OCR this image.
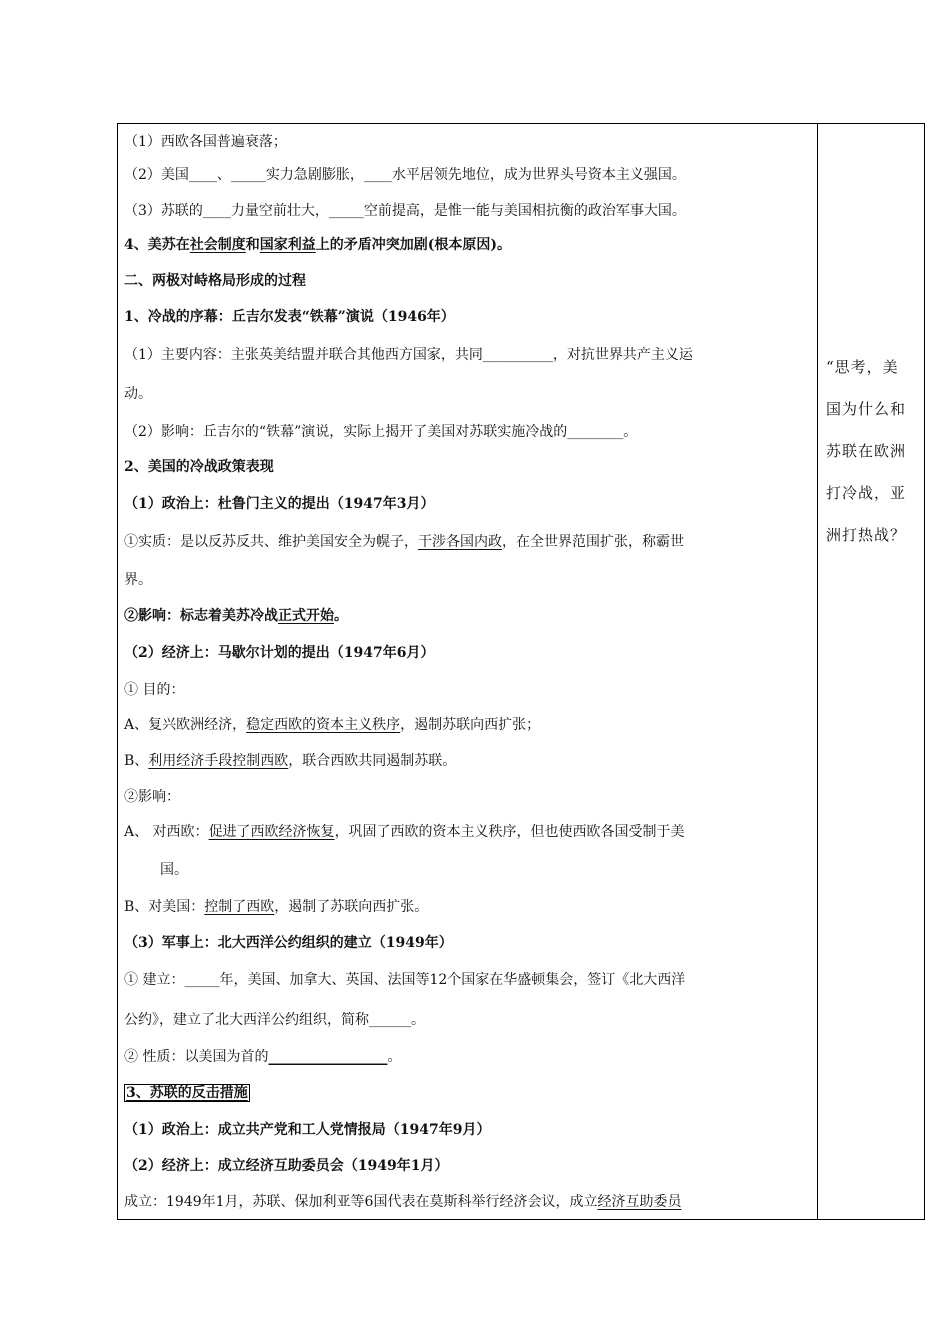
（1）西欧各国普遍衰落；
（2）美国____、_____实力急剧膨胀，____水平居领先地位，成为世界头号资本主义强国。
（3）苏联的____力量空前壮大，_____空前提高，是惟一能与美国相抗衡的政治军事大国。
4、美苏在社会制度和国家利益上的矛盾冲突加剧(根本原因)。
二、两极对峙格局形成的过程
1、冷战的序幕：丘吉尔发表“铁幕”演说（1946年）
（1）主要内容：主张英美结盟并联合其他西方国家，共同__________，对抗世界共产主义运
动。
（2）影响：丘吉尔的“铁幕”演说，实际上揭开了美国对苏联实施冷战的________。
2、美国的冷战政策表现
（1）政治上：杜鲁门主义的提出（1947年3月）
①实质：是以反苏反共、维护美国安全为幌子，干涉各国内政，在全世界范围扩张，称霸世
界。
②影响：标志着美苏冷战正式开始。
（2）经济上：马歇尔计划的提出（1947年6月）
① 目的：
A、复兴欧洲经济，稳定西欧的资本主义秩序，遏制苏联向西扩张；
B、利用经济手段控制西欧，联合西欧共同遏制苏联。
②影响：
A、 对西欧：促进了西欧经济恢复，巩固了西欧的资本主义秩序，但也使西欧各国受制于美
国。
B、对美国：控制了西欧，遏制了苏联向西扩张。
（3）军事上：北大西洋公约组织的建立（1949年）
① 建立：_____年，美国、加拿大、英国、法国等12个国家在华盛顿集会，签订《北大西洋
公约》，建立了北大西洋公约组织，简称______。
② 性质：以美国为首的_________________。
3、苏联的反击措施
（1）政治上：成立共产党和工人党情报局（1947年9月）
（2）经济上：成立经济互助委员会（1949年1月）
成立：1949年1月，苏联、保加利亚等6国代表在莫斯科举行经济会议，成立经济互助委员
“思考，美
国为什么和
苏联在欧洲
打冷战，亚
洲打热战？
